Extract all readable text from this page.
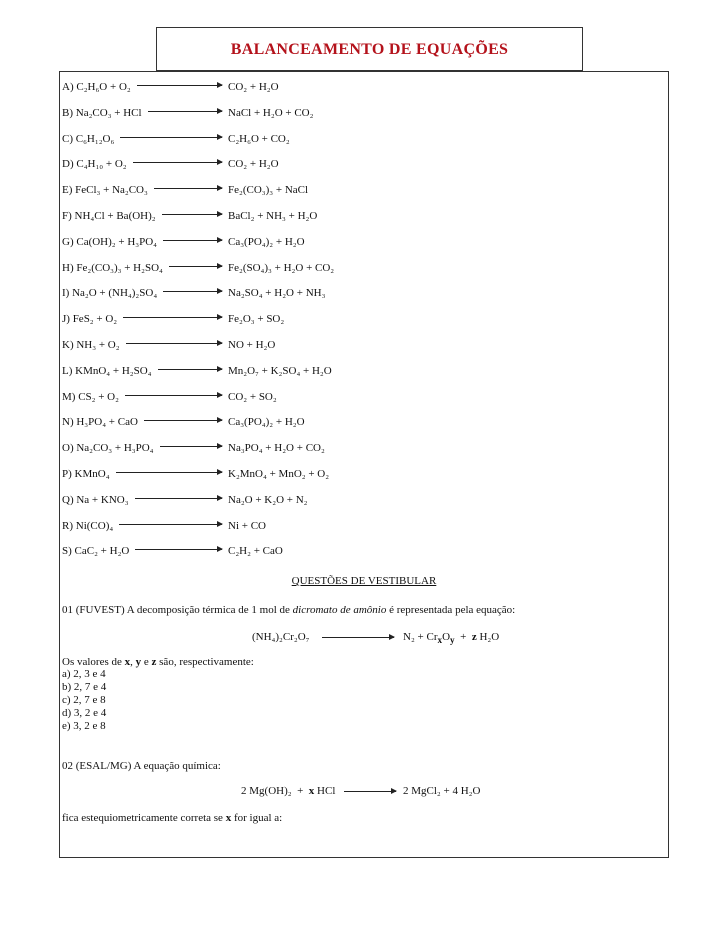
BALANCEAMENTO DE EQUAÇÕES
A) C₂H₆O + O₂	CO₂ + H₂O
B) Na₂CO₃ + HCl	NaCl + H₂O + CO₂
C) C₆H₁₂O₆	C₂H₆O + CO₂
D) C₄H₁₀ + O₂	CO₂ + H₂O
E) FeCl₃ + Na₂CO₃	Fe₂(CO₃)₃ + NaCl
F) NH₄Cl + Ba(OH)₂	BaCl₂ + NH₃ + H₂O
G) Ca(OH)₂ + H₃PO₄	Ca₃(PO₄)₂ + H₂O
H) Fe₂(CO₃)₃ + H₂SO₄	Fe₂(SO₄)₃ + H₂O + CO₂
I) Na₂O + (NH₄)₂SO₄	Na₂SO₄ + H₂O + NH₃
J) FeS₂ + O₂	Fe₂O₃ + SO₂
K) NH₃ + O₂	NO + H₂O
L) KMnO₄ + H₂SO₄	Mn₂O₇ + K₂SO₄ + H₂O
M) CS₂ + O₂	CO₂ + SO₂
N) H₃PO₄ + CaO	Ca₃(PO₄)₂ + H₂O
O) Na₂CO₃ + H₃PO₄	Na₃PO₄ + H₂O + CO₂
P) KMnO₄	K₂MnO₄ + MnO₂ + O₂
Q) Na + KNO₃	Na₂O + K₂O + N₂
R) Ni(CO)₄	Ni + CO
S) CaC₂ + H₂O	C₂H₂ + CaO
QUESTÕES DE VESTIBULAR
01 (FUVEST) A decomposição térmica de 1 mol de dicromato de amônio é representada pela equação:
(NH₄)₂Cr₂O₇	$N_2 + Cr_xO_y + z$ H₂O
Os valores de x, y e z são, respectivamente:
a) 2, 3 e 4
b) 2, 7 e 4
c) 2, 7 e 8
d) 3, 2 e 4
e) 3, 2 e 8
02 (ESAL/MG) A equação química:
2 Mg(OH)₂  +  x HCl → 2 MgCl₂ + 4 H₂O
fica estequiometricamente correta se x for igual a:
